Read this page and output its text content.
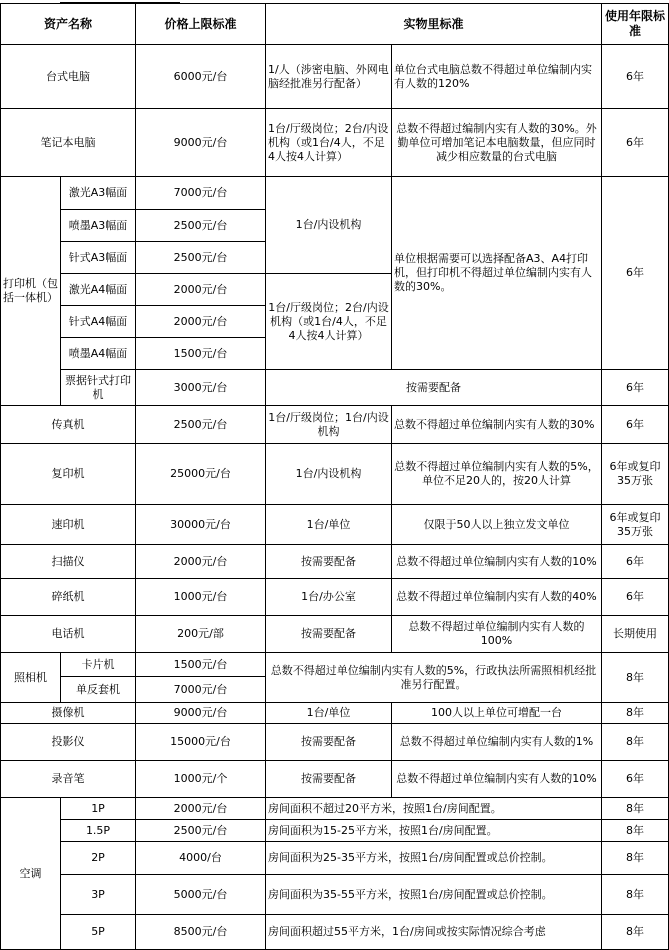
资产名称		价格上限标准	实物里标准		使用年限标准
台式电脑		6000元/台	1/人（涉密电脑、外网电脑经批准另行配备）	单位台式电脑总数不得超过单位编制内实有人数的120%	6年
笔记本电脑		9000元/台	1台/厅级岗位；2台/内设机构（或1台/4人，不足4人按4人计算）	总数不得超过编制内实有人数的30%。外勤单位可增加笔记本电脑数量，但应同时减少相应数量的台式电脑	6年
打印机（包括一体机）	激光A3幅面	7000元/台	1台/内设机构	单位根据需要可以选择配备A3、A4打印机，但打印机不得超过单位编制内实有人数的30%。	6年
	喷墨A3幅面	2500元/台			
	针式A3幅面	2500元/台			
	激光A4幅面	2000元/台	1台/厅级岗位；2台/内设机构（或1台/4人，不足4人按4人计算）		
	针式A4幅面	2000元/台			
	喷墨A4幅面	1500元/台			
	票据针式打印机	3000元/台	按需要配备		6年
传真机		2500元/台	1台/厅级岗位；1台/内设机构	总数不得超过单位编制内实有人数的30%	6年
复印机		25000元/台	1台/内设机构	总数不得超过单位编制内实有人数的5%，单位不足20人的，按20人计算	6年或复印35万张
速印机		30000元/台	1台/单位	仅限于50人以上独立发文单位	6年或复印35万张
扫描仪		2000元/台	按需要配备	总数不得超过单位编制内实有人数的10%	6年
碎纸机		1000元/台	1台/办公室	总数不得超过单位编制内实有人数的40%	6年
电话机		200元/部	按需要配备	总数不得超过单位编制内实有人数的100%	长期使用
照相机	卡片机	1500元/台	总数不得超过单位编制内实有人数的5%，行政执法所需照相机经批准另行配置。		8年
	单反套机	7000元/台			
摄像机		9000元/台	1台/单位	100人以上单位可增配一台	8年
投影仪		15000元/台	按需要配备	总数不得超过单位编制内实有人数的1%	8年
录音笔		1000元/个	按需要配备	总数不得超过单位编制内实有人数的10%	6年
空调	1P	2000元/台	房间面积不超过20平方米，按照1台/房间配置。		8年
	1.5P	2500元/台	房间面积为15-25平方米，按照1台/房间配置。		8年
	2P	4000/台	房间面积为25-35平方米，按照1台/房间配置或总价控制。		8年
	3P	5000元/台	房间面积为35-55平方米，按照1台/房间配置或总价控制。		8年
	5P	8500元/台	房间面积超过55平方米，1台/房间或按实际情况综合考虑		8年
